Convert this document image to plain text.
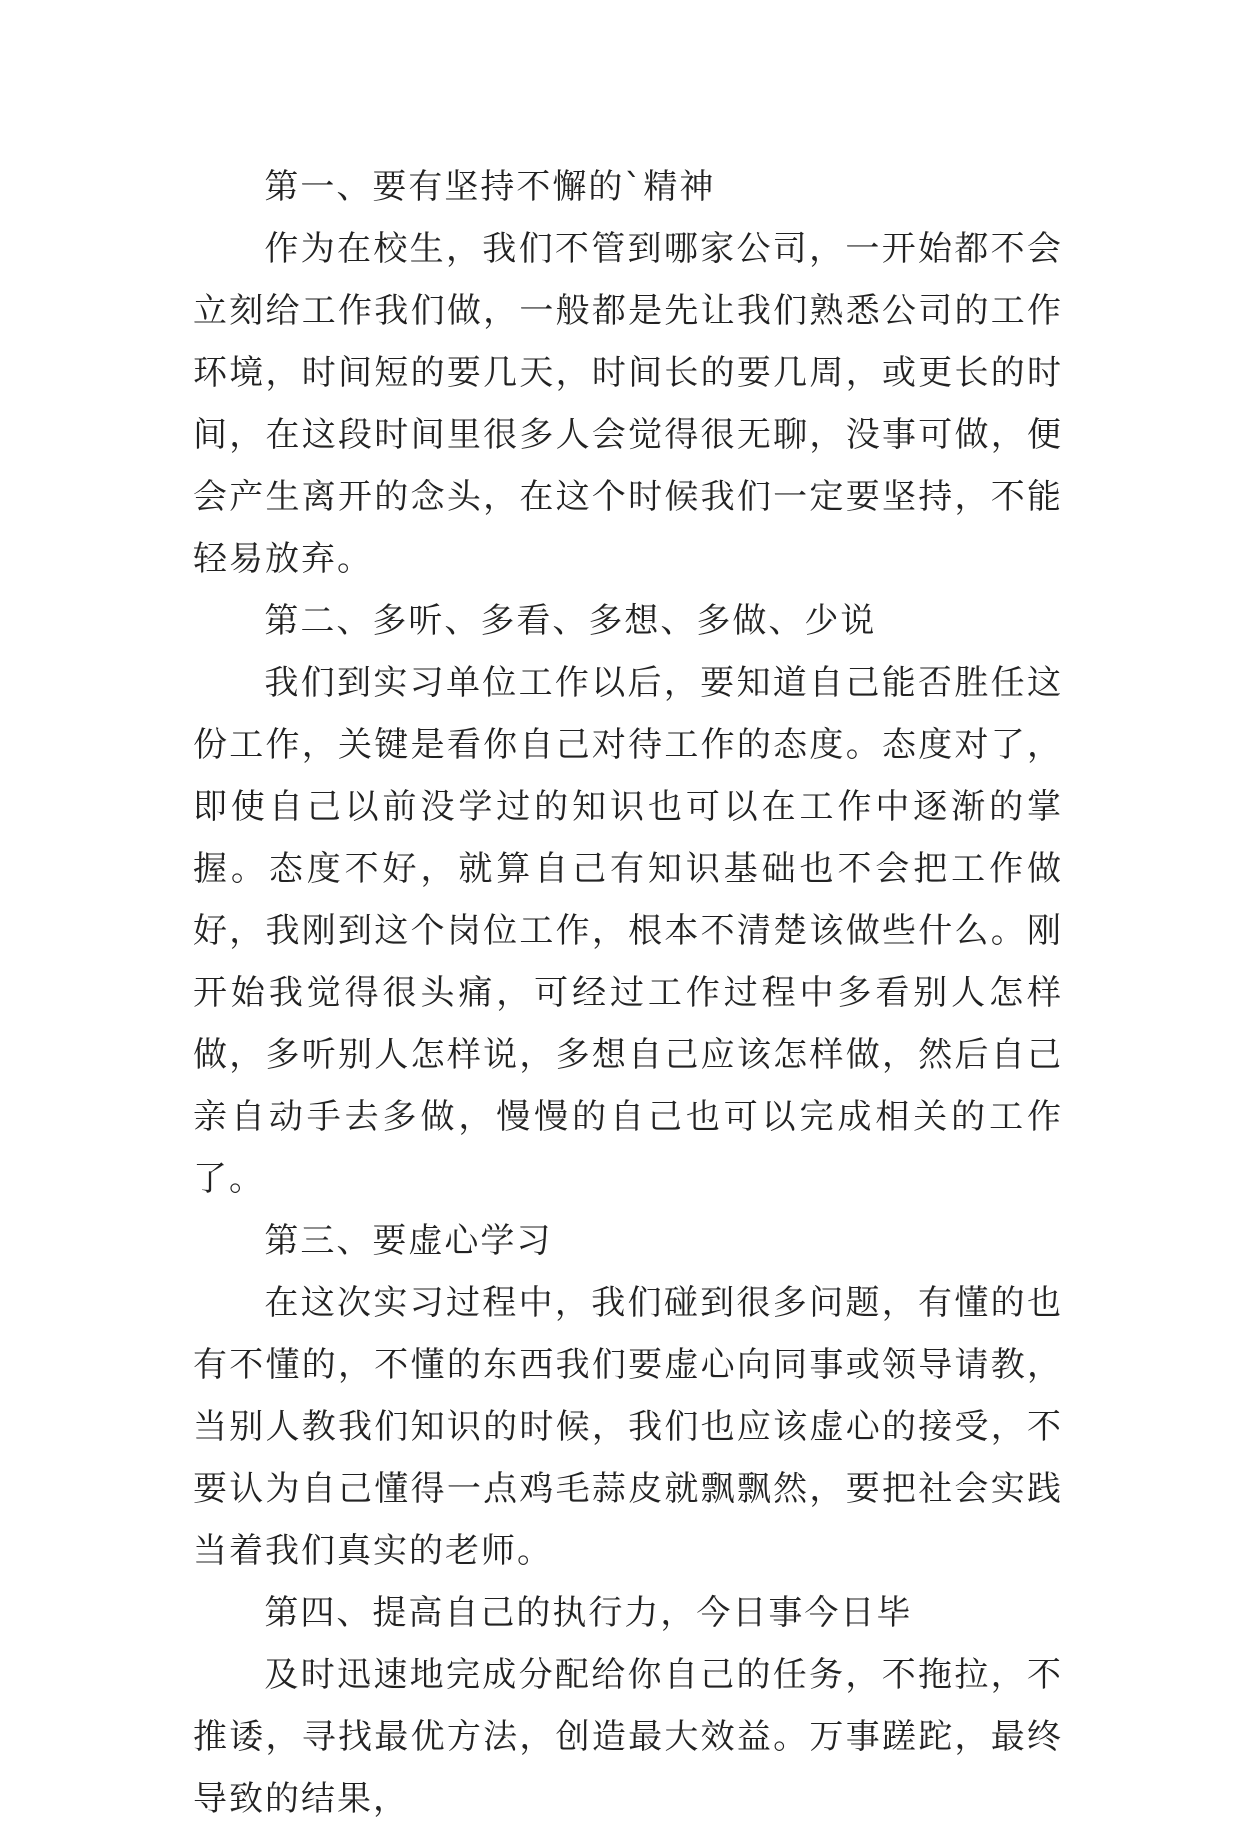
第一、要有坚持不懈的`精神

作为在校生，我们不管到哪家公司，一开始都不会立刻给工作我们做，一般都是先让我们熟悉公司的工作环境，时间短的要几天，时间长的要几周，或更长的时间，在这段时间里很多人会觉得很无聊，没事可做，便会产生离开的念头，在这个时候我们一定要坚持，不能轻易放弃。

第二、多听、多看、多想、多做、少说

我们到实习单位工作以后，要知道自己能否胜任这份工作，关键是看你自己对待工作的态度。态度对了，即使自己以前没学过的知识也可以在工作中逐渐的掌握。态度不好，就算自己有知识基础也不会把工作做好，我刚到这个岗位工作，根本不清楚该做些什么。刚开始我觉得很头痛，可经过工作过程中多看别人怎样做，多听别人怎样说，多想自己应该怎样做，然后自己亲自动手去多做，慢慢的自己也可以完成相关的工作了。

第三、要虚心学习

在这次实习过程中，我们碰到很多问题，有懂的也有不懂的，不懂的东西我们要虚心向同事或领导请教，当别人教我们知识的时候，我们也应该虚心的接受，不要认为自己懂得一点鸡毛蒜皮就飘飘然，要把社会实践当着我们真实的老师。

第四、提高自己的执行力，今日事今日毕

及时迅速地完成分配给你自己的任务，不拖拉，不推诿，寻找最优方法，创造最大效益。万事蹉跎，最终导致的结果，
